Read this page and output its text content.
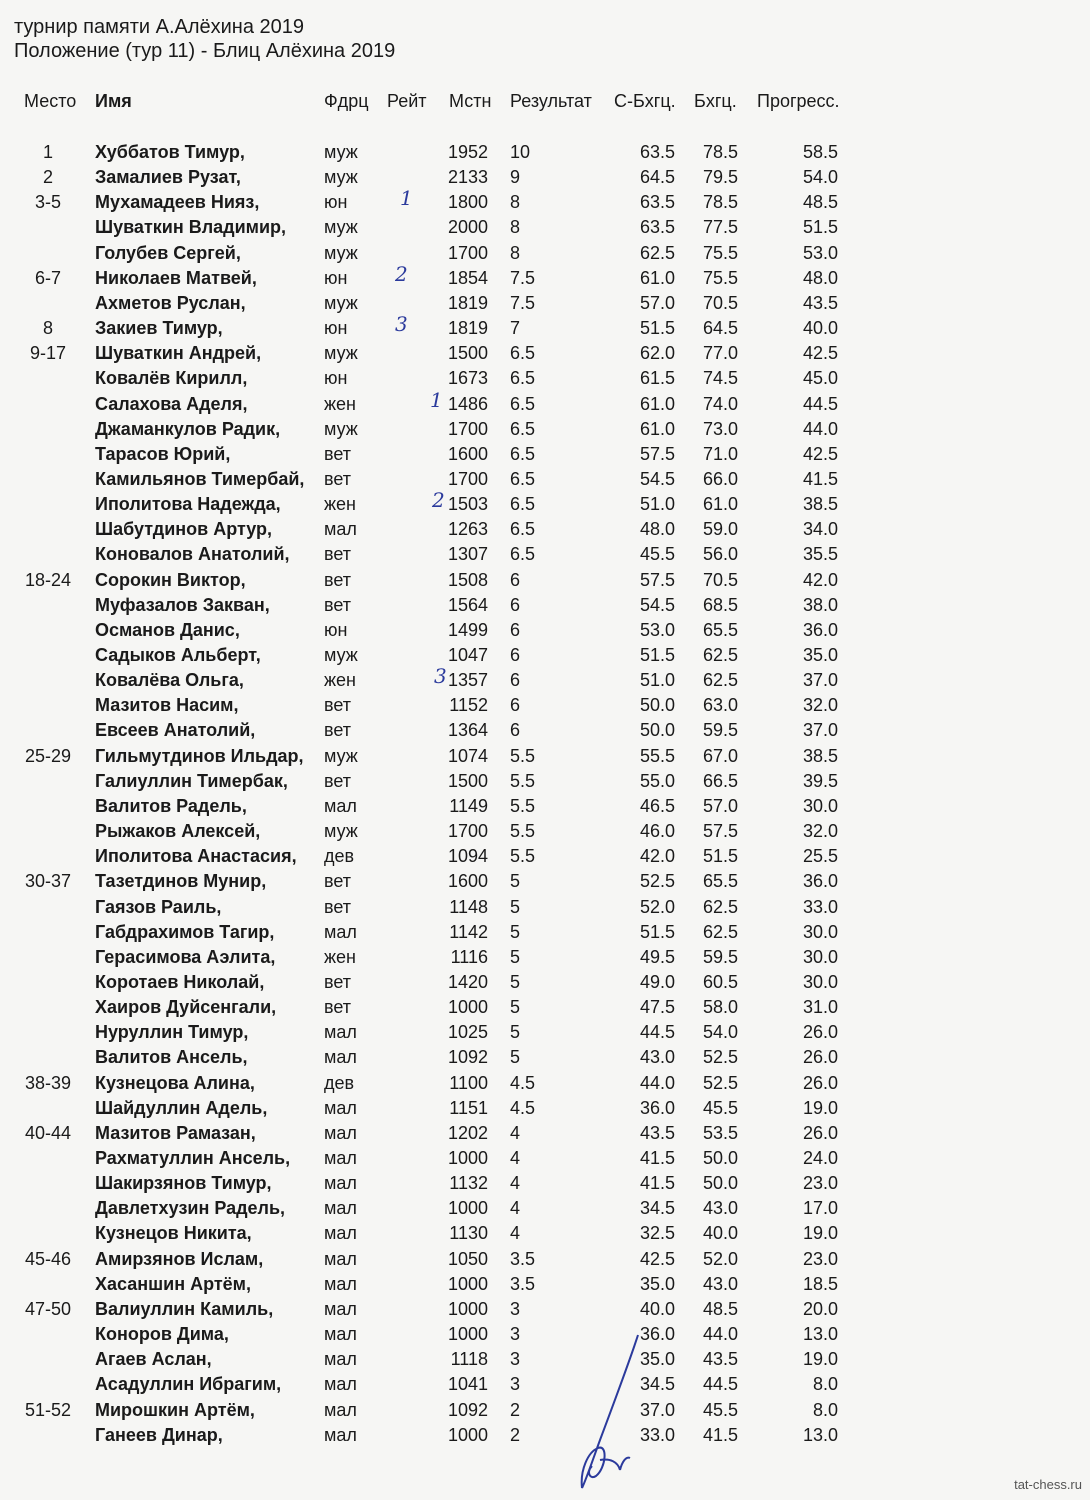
турнир памяти А.Алёхина 2019
Положение (тур 11) - Блиц Алёхина 2019
Место Имя	Фдрц Рейт Мстн Результат С-Бхгц. Бхгц. Прогресс.
1	Хуббатов Тимур,	муж	1952 10	63.5	78.5	58.5
2	Замалиев Рузат,	муж	2133 9	64.5	79.5	54.0
3-5	Мухамадеев Нияз,	юн	1800 8	63.5	78.5	48.5
Шуваткин Владимир, муж	2000 8	63.5	77.5	51.5
Голубев Сергей,	муж	1700 8	62.5	75.5	53.0
6-7	Николаев Матвей,	юн	1854 7.5	61.0	75.5	48.0
Ахметов Руслан,	муж	1819 7.5	57.0	70.5	43.5
8	Закиев Тимур,	юн	1819 7	51.5	64.5	40.0
9-17	Шуваткин Андрей,	муж	1500 6.5	62.0	77.0	42.5
Ковалёв Кирилл,	юн	1673 6.5	61.5	74.5	45.0
Салахова Аделя,	жен	1486 6.5	61.0	74.0	44.5
Джаманкулов Радик, муж	1700 6.5	61.0	73.0	44.0
Тарасов Юрий,	вет	1600 6.5	57.5	71.0	42.5
Камильянов Тимербай, вет	1700 6.5	54.5	66.0	41.5
Иполитова Надежда, жен	1503 6.5	51.0	61.0	38.5
Шабутдинов Артур,	мал	1263 6.5	48.0	59.0	34.0
Коновалов Анатолий, вет	1307 6.5	45.5	56.0	35.5
18-24 Сорокин Виктор,	вет	1508 6	57.5	70.5	42.0
Муфазалов Закван,	вет	1564 6	54.5	68.5	38.0
Османов Данис,	юн	1499 6	53.0	65.5	36.0
Садыков Альберт,	муж	1047 6	51.5	62.5	35.0
Ковалёва Ольга,	жен	1357 6	51.0	62.5	37.0
Мазитов Насим,	вет	1152 6	50.0	63.0	32.0
Евсеев Анатолий,	вет	1364 6	50.0	59.5	37.0
25-29 Гильмутдинов Ильдар, муж	1074 5.5	55.5	67.0	38.5
Галиуллин Тимербак, вет	1500 5.5	55.0	66.5	39.5
Валитов Радель,	мал	1149 5.5	46.5	57.0	30.0
Рыжаков Алексей,	муж	1700 5.5	46.0	57.5	32.0
Иполитова Анастасия, дев	1094 5.5	42.0	51.5	25.5
30-37 Тазетдинов Мунир,	вет	1600 5	52.5	65.5	36.0
Гаязов Раиль,	вет	1148 5	52.0	62.5	33.0
Габдрахимов Тагир,	мал	1142 5	51.5	62.5	30.0
Герасимова Аэлита,	жен	1116 5	49.5	59.5	30.0
Коротаев Николай,	вет	1420 5	49.0	60.5	30.0
Хаиров Дуйсенгали,	вет	1000 5	47.5	58.0	31.0
Нуруллин Тимур,	мал	1025 5	44.5	54.0	26.0
Валитов Ансель,	мал	1092 5	43.0	52.5	26.0
38-39 Кузнецова Алина,	дев	1100 4.5	44.0	52.5	26.0
Шайдуллин Адель,	мал	1151 4.5	36.0	45.5	19.0
40-44 Мазитов Рамазан,	мал	1202 4	43.5	53.5	26.0
Рахматуллин Ансель, мал	1000 4	41.5	50.0	24.0
Шакирзянов Тимур,	мал	1132 4	41.5	50.0	23.0
Давлетхузин Радель, мал	1000 4	34.5	43.0	17.0
Кузнецов Никита,	мал	1130 4	32.5	40.0	19.0
45-46 Амирзянов Ислам,	мал	1050 3.5	42.5	52.0	23.0
Хасаншин Артём,	мал	1000 3.5	35.0	43.0	18.5
47-50 Валиуллин Камиль,	мал	1000 3	40.0	48.5	20.0
Коноров Дима,	мал	1000 3	36.0	44.0	13.0
Агаев Аслан,	мал	1118 3	35.0	43.5	19.0
Асадуллин Ибрагим, мал	1041 3	34.5	44.5	8.0
51-52 Мирошкин Артём,	мал	1092 2	37.0	45.5	8.0
Ганеев Динар,	мал	1000 2	33.0	41.5	13.0
tat-chess.ru
1
2
3
1
2
3
